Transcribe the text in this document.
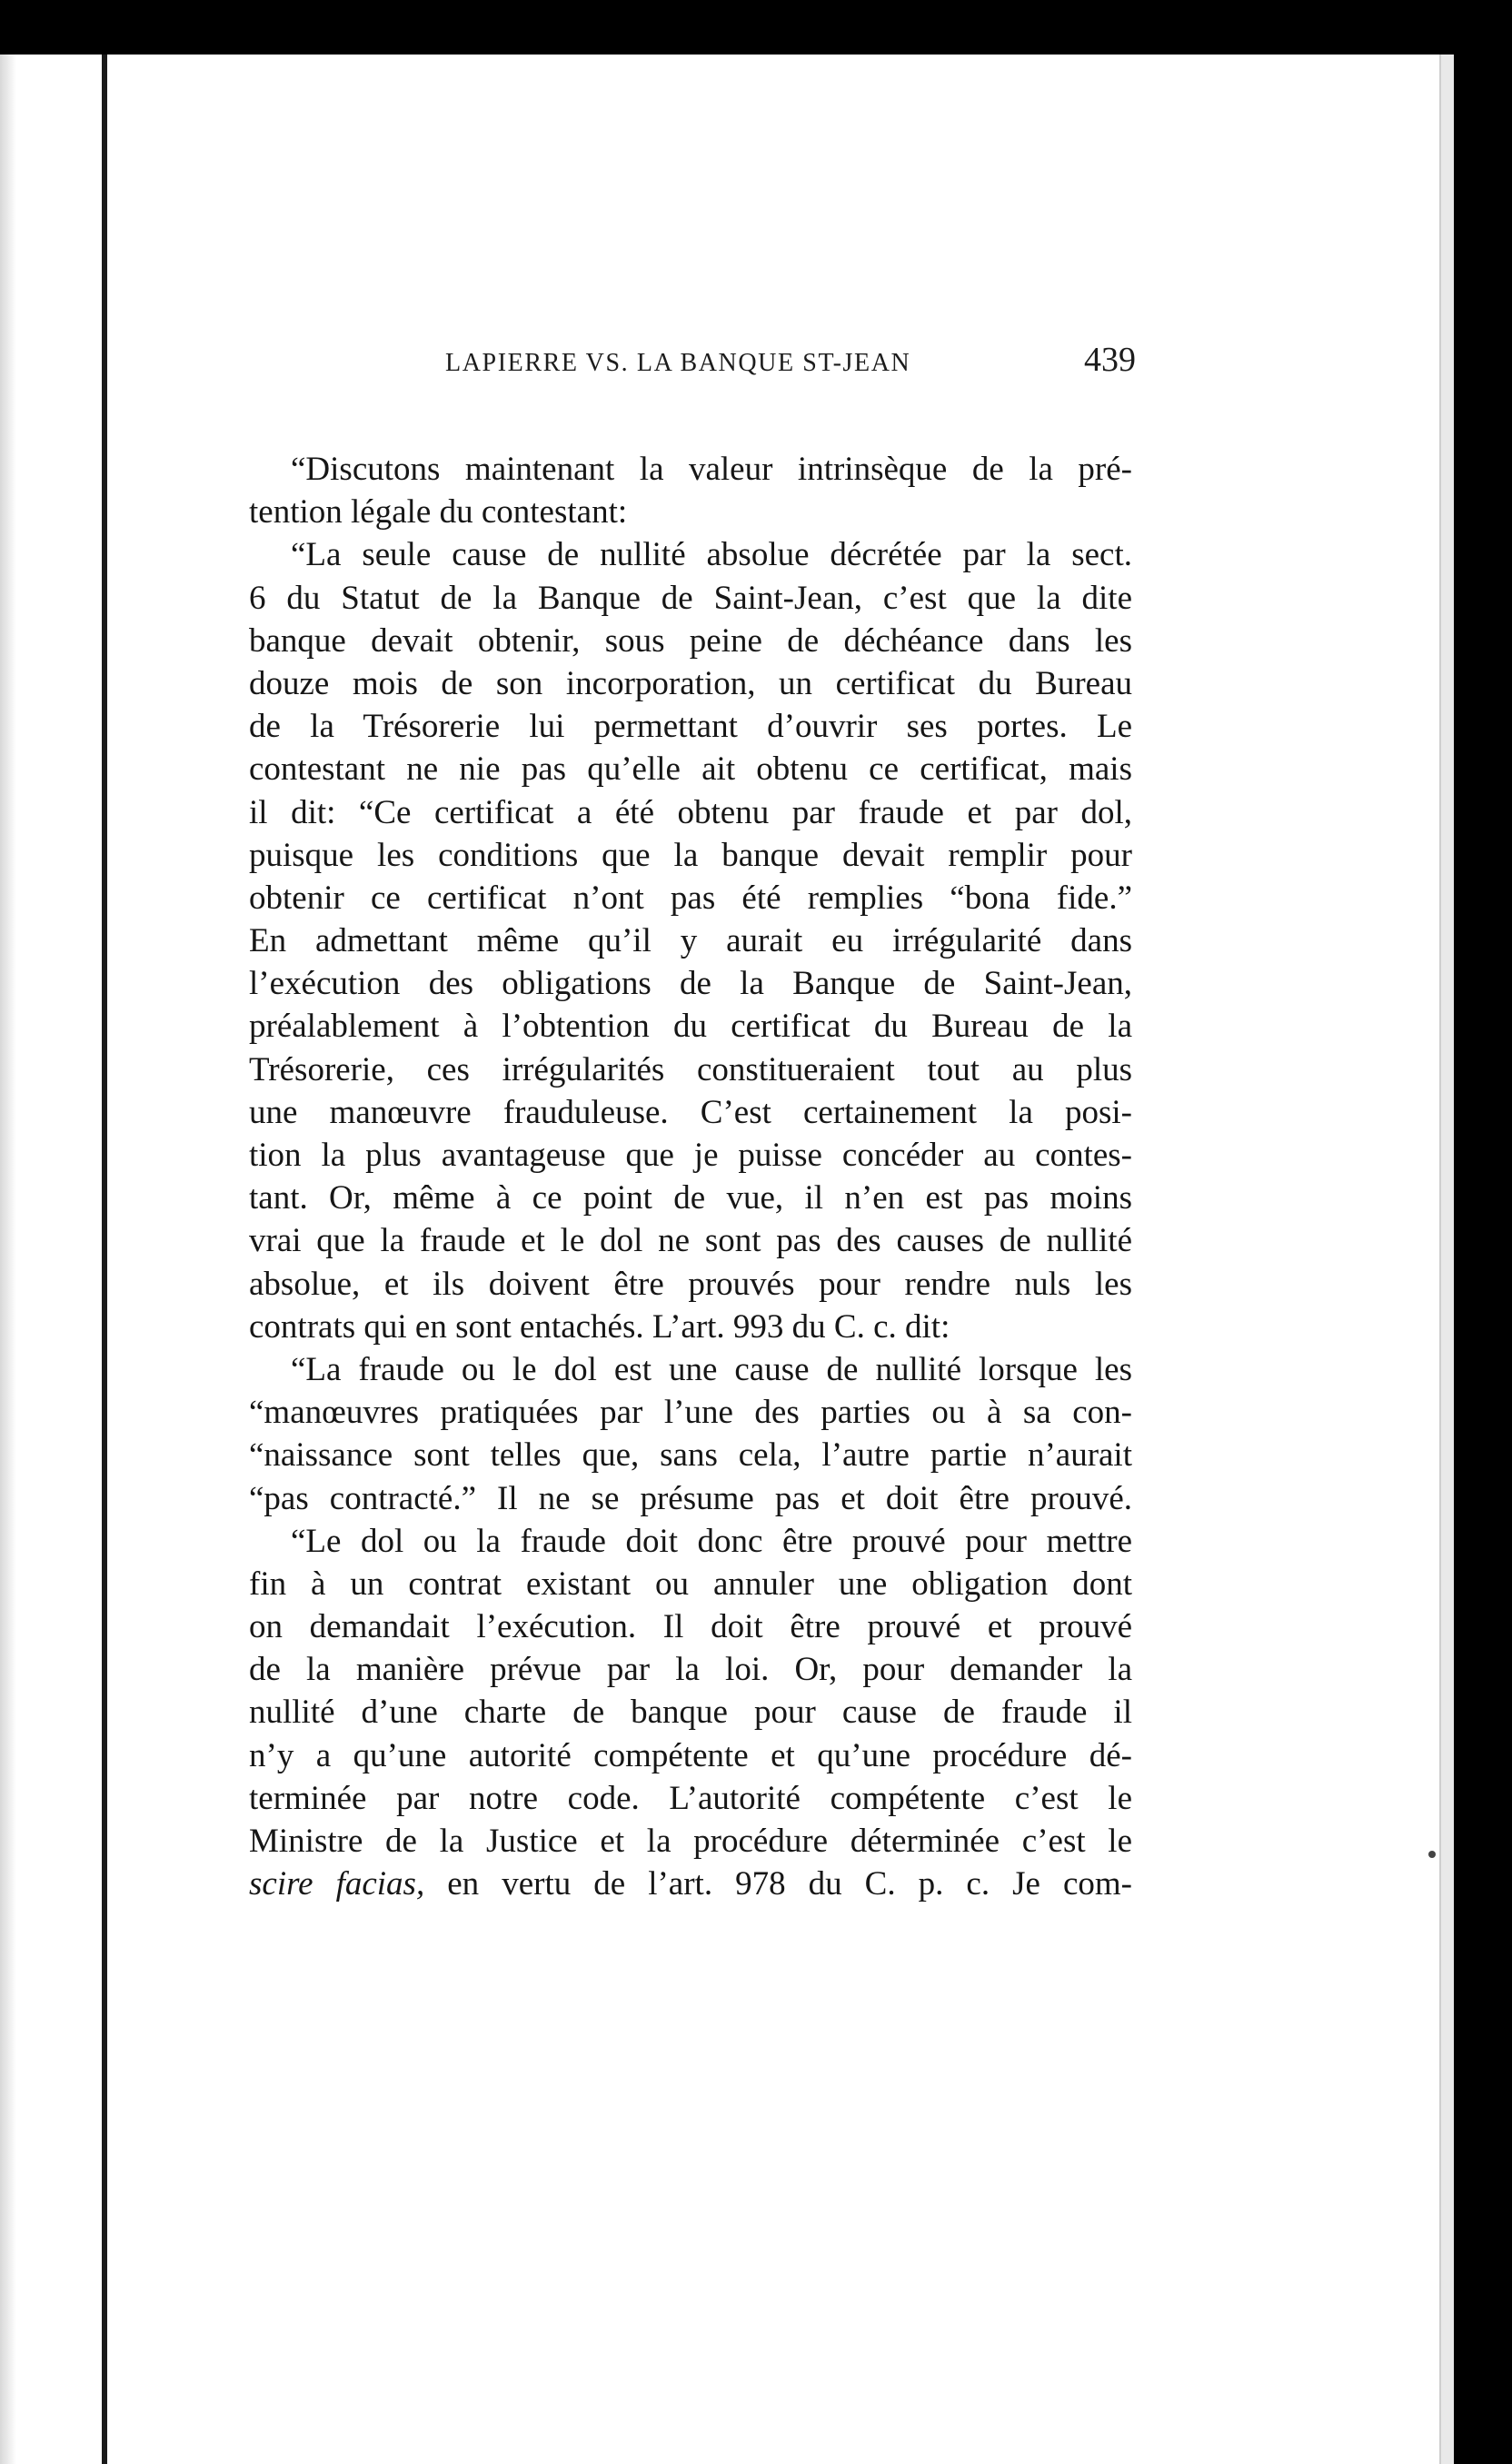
LAPIERRE VS. LA BANQUE ST-JEAN	439
“Discutons maintenant la valeur intrinsèque de la pré-
tention légale du contestant:
“La seule cause de nullité absolue décrétée par la sect.
6 du Statut de la Banque de Saint-Jean, c’est que la dite
banque devait obtenir, sous peine de déchéance dans les
douze mois de son incorporation, un certificat du Bureau
de la Trésorerie lui permettant d’ouvrir ses portes. Le
contestant ne nie pas qu’elle ait obtenu ce certificat, mais
il dit: “Ce certificat a été obtenu par fraude et par dol,
puisque les conditions que la banque devait remplir pour
obtenir ce certificat n’ont pas été remplies “bona fide.”
En admettant même qu’il y aurait eu irrégularité dans
l’exécution des obligations de la Banque de Saint-Jean,
préalablement à l’obtention du certificat du Bureau de la
Trésorerie, ces irrégularités constitueraient tout au plus
une manœuvre frauduleuse. C’est certainement la posi-
tion la plus avantageuse que je puisse concéder au contes-
tant. Or, même à ce point de vue, il n’en est pas moins
vrai que la fraude et le dol ne sont pas des causes de nullité
absolue, et ils doivent être prouvés pour rendre nuls les
contrats qui en sont entachés. L’art. 993 du C. c. dit:
“La fraude ou le dol est une cause de nullité lorsque les
“manœuvres pratiquées par l’une des parties ou à sa con-
“naissance sont telles que, sans cela, l’autre partie n’aurait
“pas contracté.” Il ne se présume pas et doit être prouvé.
“Le dol ou la fraude doit donc être prouvé pour mettre
fin à un contrat existant ou annuler une obligation dont
on demandait l’exécution. Il doit être prouvé et prouvé
de la manière prévue par la loi. Or, pour demander la
nullité d’une charte de banque pour cause de fraude il
n’y a qu’une autorité compétente et qu’une procédure dé-
terminée par notre code. L’autorité compétente c’est le
Ministre de la Justice et la procédure déterminée c’est le
scire facias, en vertu de l’art. 978 du C. p. c. Je com-
